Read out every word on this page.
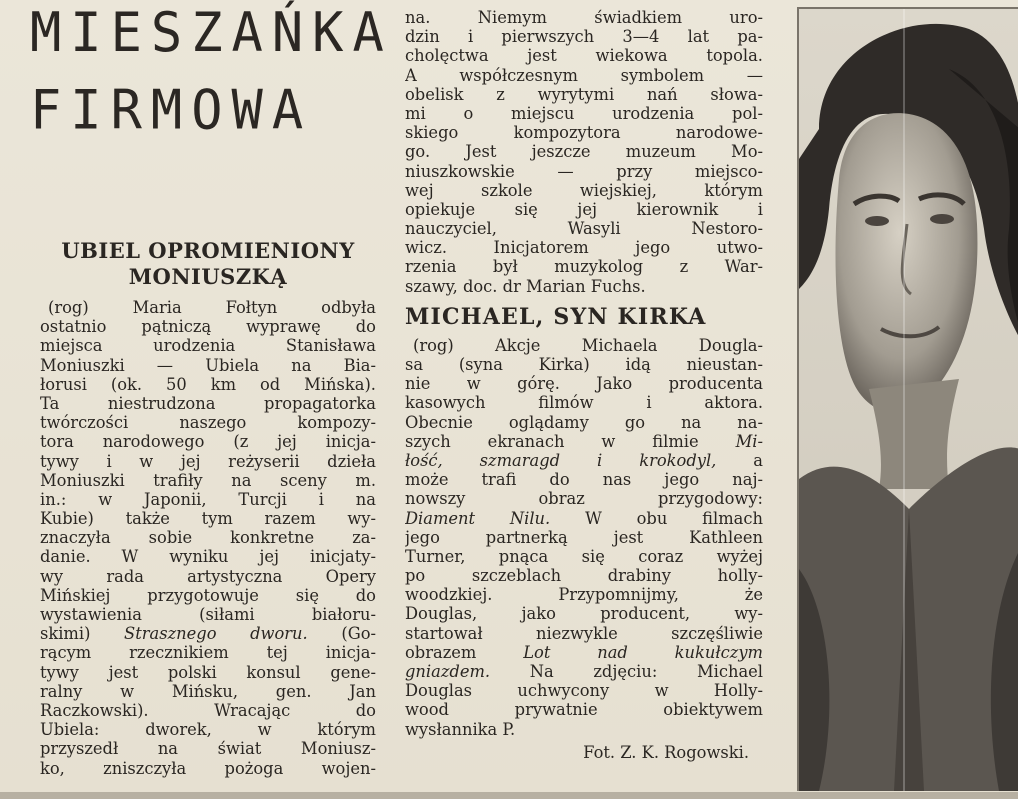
MIESZAŃKA
FIRMOWA
UBIEL OPROMIENIONY
MONIUSZKĄ
(rog) Maria Fołtyn odbyła
ostatnio pątniczą wyprawę do
miejsca urodzenia Stanisława
Moniuszki — Ubiela na Bia-
łorusi (ok. 50 km od Mińska).
Ta niestrudzona propagatorka
twórczości naszego kompozy-
tora narodowego (z jej inicja-
tywy i w jej reżyserii dzieła
Moniuszki trafiły na sceny m.
in.: w Japonii, Turcji i na
Kubie) także tym razem wy-
znaczyła sobie konkretne za-
danie. W wyniku jej inicjaty-
wy rada artystyczna Opery
Mińskiej przygotowuje się do
wystawienia (siłami białoru-
skimi) Strasznego dworu. (Go-
rącym rzecznikiem tej inicja-
tywy jest polski konsul gene-
ralny w Mińsku, gen. Jan
Raczkowski). Wracając do
Ubiela: dworek, w którym
przyszedł na świat Moniusz-
ko, zniszczyła pożoga wojen-
na. Niemym świadkiem uro-
dzin i pierwszych 3—4 lat pa-
cholęctwa jest wiekowa topola.
A współczesnym symbolem —
obelisk z wyrytymi nań słowa-
mi o miejscu urodzenia pol-
skiego kompozytora narodowe-
go. Jest jeszcze muzeum Mo-
niuszkowskie — przy miejsco-
wej szkole wiejskiej, którym
opiekuje się jej kierownik i
nauczyciel, Wasyli Nestoro-
wicz. Inicjatorem jego utwo-
rzenia był muzykolog z War-
szawy, doc. dr Marian Fuchs.
MICHAEL, SYN KIRKA
(rog) Akcje Michaela Dougla-
sa (syna Kirka) idą nieustan-
nie w górę. Jako producenta
kasowych filmów i aktora.
Obecnie oglądamy go na na-
szych ekranach w filmie Mi-
łość, szmaragd i krokodyl, a
może trafi do nas jego naj-
nowszy obraz przygodowy:
Diament Nilu. W obu filmach
jego partnerką jest Kathleen
Turner, pnąca się coraz wyżej
po szczeblach drabiny holly-
woodzkiej. Przypomnijmy, że
Douglas, jako producent, wy-
startował niezwykle szczęśliwie
obrazem Lot nad kukułczym
gniazdem. Na zdjęciu: Michael
Douglas uchwycony w Holly-
wood prywatnie obiektywem
wysłannika P.
Fot. Z. K. Rogowski.
